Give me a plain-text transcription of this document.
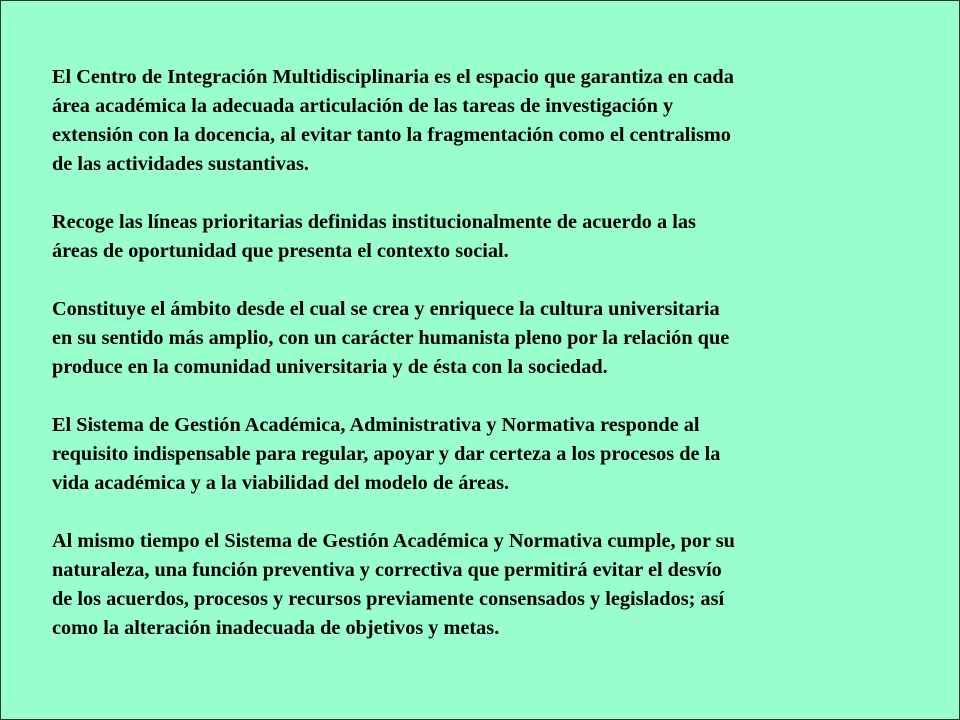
El Centro de Integración Multidisciplinaria es el espacio que garantiza en cada
área académica la adecuada articulación de las tareas de investigación y
extensión con la docencia, al evitar tanto la fragmentación como el centralismo
de las actividades sustantivas.

Recoge las líneas prioritarias definidas institucionalmente de acuerdo a las
áreas de oportunidad que presenta el contexto social.

Constituye el ámbito desde el cual se crea y enriquece la cultura universitaria
en su sentido más amplio, con un carácter humanista pleno por la relación que
produce en la comunidad universitaria y de ésta con la sociedad.

El Sistema de Gestión Académica, Administrativa y Normativa responde al
requisito indispensable para regular, apoyar y dar certeza a los procesos de la
vida académica y a la viabilidad del modelo de áreas.

Al mismo tiempo el Sistema de Gestión Académica y Normativa cumple, por su
naturaleza, una función preventiva y correctiva que permitirá evitar el desvío
de los acuerdos, procesos y recursos previamente consensados y legislados; así
como la alteración inadecuada de objetivos y metas.
